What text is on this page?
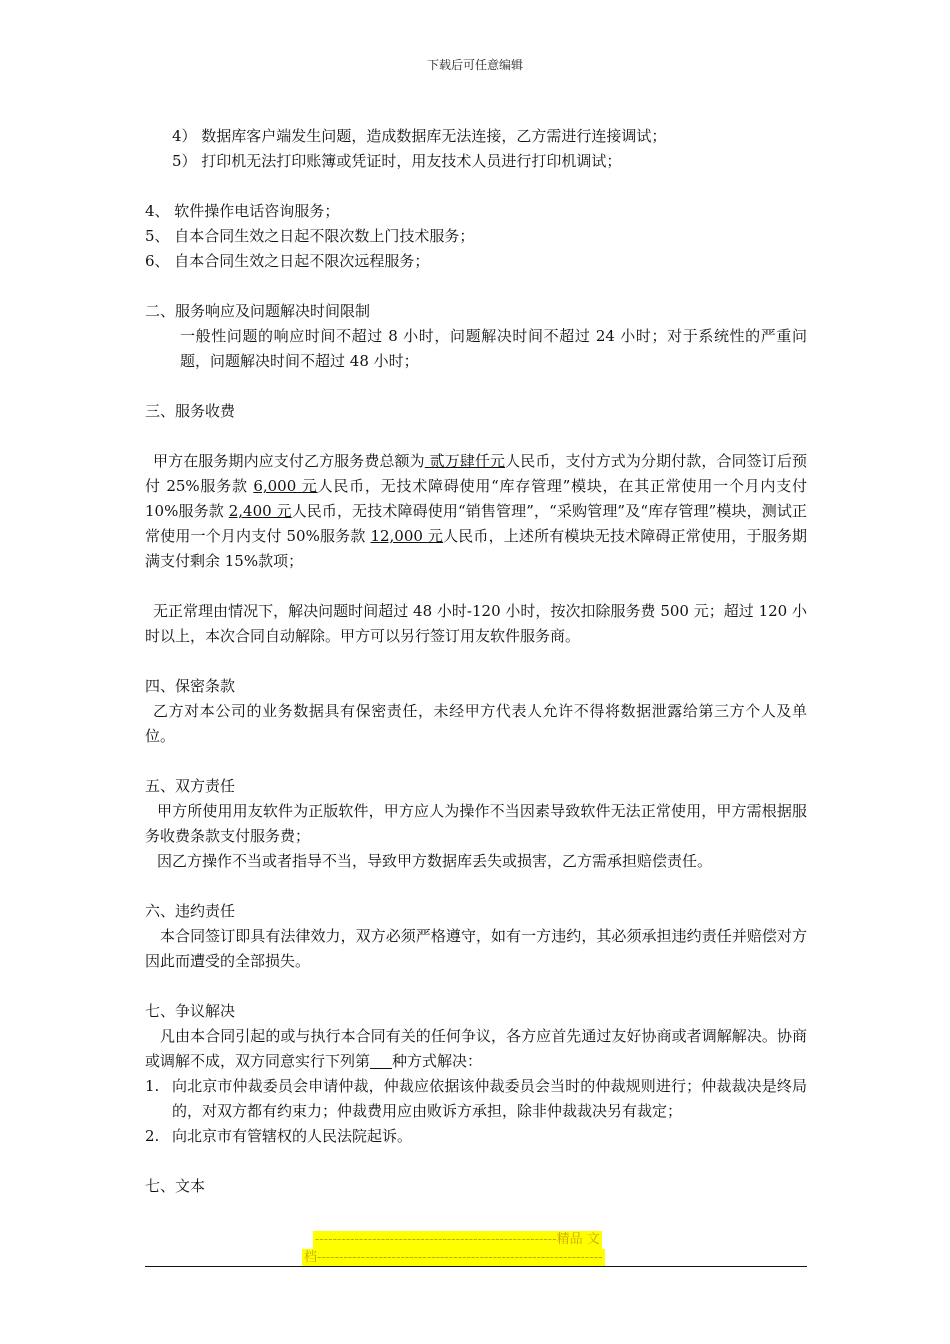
下载后可任意编辑

4） 数据库客户端发生问题，造成数据库无法连接，乙方需进行连接调试；

5） 打印机无法打印账簿或凭证时，用友技术人员进行打印机调试；

4、 软件操作电话咨询服务；

5、 自本合同生效之日起不限次数上门技术服务；

6、 自本合同生效之日起不限次远程服务；

二、服务响应及问题解决时间限制

一般性问题的响应时间不超过 8 小时，问题解决时间不超过 24 小时；对于系统性的严重问题，问题解决时间不超过 48 小时；

三、服务收费

甲方在服务期内应支付乙方服务费总额为 贰万肆仟元人民币，支付方式为分期付款，合同签订后预付 25%服务款 6,000 元人民币，无技术障碍使用“库存管理”模块，在其正常使用一个月内支付 10%服务款 2,400 元人民币，无技术障碍使用“销售管理”，“采购管理”及“库存管理”模块，测试正常使用一个月内支付 50%服务款 12,000 元人民币，上述所有模块无技术障碍正常使用，于服务期满支付剩余 15%款项；

无正常理由情况下，解决问题时间超过 48 小时-120 小时，按次扣除服务费 500 元；超过 120 小时以上，本次合同自动解除。甲方可以另行签订用友软件服务商。

四、保密条款

乙方对本公司的业务数据具有保密责任，未经甲方代表人允许不得将数据泄露给第三方个人及单位。

五、双方责任

甲方所使用用友软件为正版软件，甲方应人为操作不当因素导致软件无法正常使用，甲方需根据服务收费条款支付服务费；

因乙方操作不当或者指导不当，导致甲方数据库丢失或损害，乙方需承担赔偿责任。

六、违约责任

本合同签订即具有法律效力，双方必须严格遵守，如有一方违约，其必须承担违约责任并赔偿对方因此而遭受的全部损失。

七、争议解决

凡由本合同引起的或与执行本合同有关的任何争议，各方应首先通过友好协商或者调解解决。协商或调解不成，双方同意实行下列第 种方式解决：

1. 向北京市仲裁委员会申请仲裁，仲裁应依据该仲裁委员会当时的仲裁规则进行；仲裁裁决是终局的，对双方都有约束力；仲裁费用应由败诉方承担，除非仲裁裁决另有裁定；
2. 向北京市有管辖权的人民法院起诉。

七、文本

-------------------------------------------------------精品 文
档-----------------------------------------------------------------
